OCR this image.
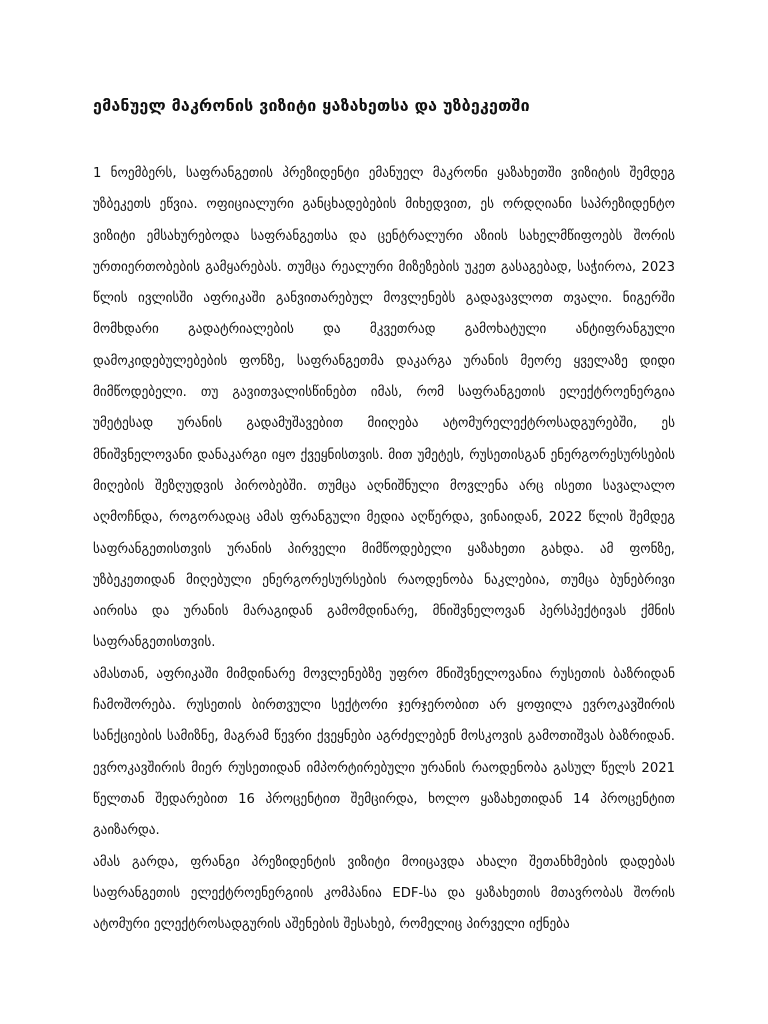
ემანუელ მაკრონის ვიზიტი ყაზახეთსა და უზბეკეთში

1 ნოემბერს, საფრანგეთის პრეზიდენტი ემანუელ მაკრონი ყაზახეთში ვიზიტის შემდეგ უზბეკეთს ეწვია. ოფიციალური განცხადებების მიხედვით, ეს ორდღიანი საპრეზიდენტო ვიზიტი ემსახურებოდა საფრანგეთსა და ცენტრალური აზიის სახელმწიფოებს შორის ურთიერთობების გამყარებას. თუმცა რეალური მიზეზების უკეთ გასაგებად, საჭიროა, 2023 წლის ივლისში აფრიკაში განვითარებულ მოვლენებს გადავავლოთ თვალი. ნიგერში მომხდარი გადატრიალების და მკვეთრად გამოხატული ანტიფრანგული დამოკიდებულებების ფონზე, საფრანგეთმა დაკარგა ურანის მეორე ყველაზე დიდი მიმწოდებელი. თუ გავითვალისწინებთ იმას, რომ საფრანგეთის ელექტროენერგია უმეტესად ურანის გადამუშავებით მიიღება ატომურელექტროსადგურებში, ეს მნიშვნელოვანი დანაკარგი იყო ქვეყნისთვის. მით უმეტეს, რუსეთისგან ენერგორესურსების მიღების შეზღუდვის პირობებში. თუმცა აღნიშნული მოვლენა არც ისეთი სავალალო აღმოჩნდა, როგორადაც ამას ფრანგული მედია აღწერდა, ვინაიდან, 2022 წლის შემდეგ საფრანგეთისთვის ურანის პირველი მიმწოდებელი ყაზახეთი გახდა. ამ ფონზე, უზბეკეთიდან მიღებული ენერგორესურსების რაოდენობა ნაკლებია, თუმცა ბუნებრივი აირისა და ურანის მარაგიდან გამომდინარე, მნიშვნელოვან პერსპექტივას ქმნის საფრანგეთისთვის.

ამასთან, აფრიკაში მიმდინარე მოვლენებზე უფრო მნიშვნელოვანია რუსეთის ბაზრიდან ჩამოშორება. რუსეთის ბირთვული სექტორი ჯერჯერობით არ ყოფილა ევროკავშირის სანქციების სამიზნე, მაგრამ წევრი ქვეყნები აგრძელებენ მოსკოვის გამოთიშვას ბაზრიდან. ევროკავშირის მიერ რუსეთიდან იმპორტირებული ურანის რაოდენობა გასულ წელს 2021 წელთან შედარებით 16 პროცენტით შემცირდა, ხოლო ყაზახეთიდან 14 პროცენტით გაიზარდა.

ამას გარდა, ფრანგი პრეზიდენტის ვიზიტი მოიცავდა ახალი შეთანხმების დადებას საფრანგეთის ელექტროენერგიის კომპანია EDF-სა და ყაზახეთის მთავრობას შორის ატომური ელექტროსადგურის აშენების შესახებ, რომელიც პირველი იქნება
